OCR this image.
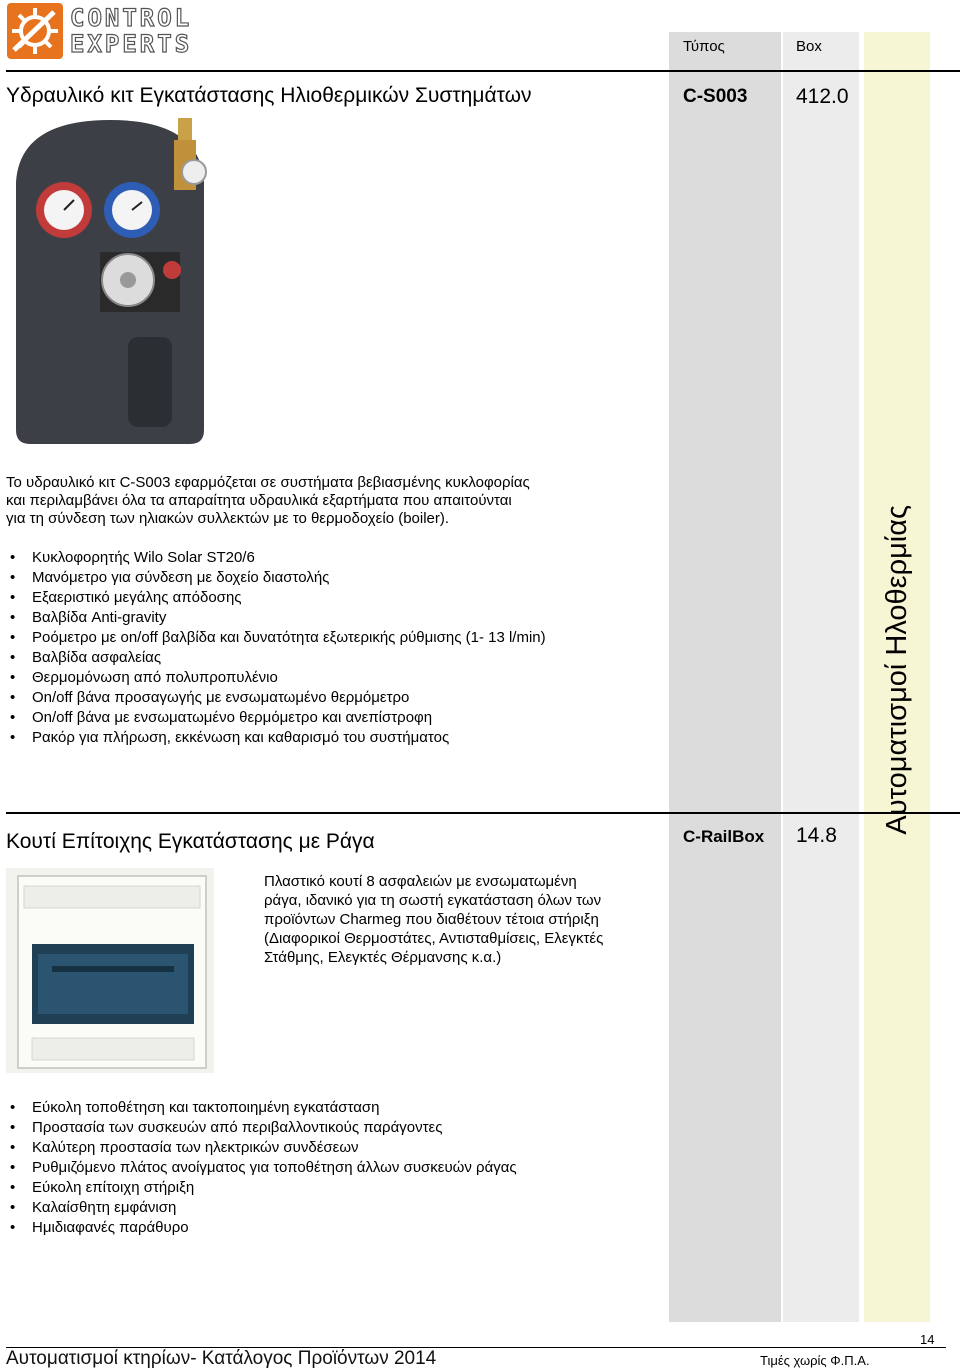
CONTROL
EXPERTS	Τύπος	Box
Υδραυλικό κιτ Εγκατάστασης Ηλιοθερμικών Συστημάτων	C-S003 412.0
Το υδραυλικό κιτ C-S003 εφαρμόζεται σε συστήματα βεβιασμένης κυκλοφορίας
και περιλαμβάνει όλα τα απαραίτητα υδραυλικά εξαρτήματα που απαιτούνται
για τη σύνδεση των ηλιακών συλλεκτών με το θερμοδοχείο (boiler).
• Κυκλοφορητής Wilo Solar ST20/6
• Μανόμετρο για σύνδεση με δοχείο διαστολής
• Εξαεριστικό μεγάλης απόδοσης
• Βαλβίδα Anti-gravity
• Ροόμετρο με on/off βαλβίδα και δυνατότητα εξωτερικής ρύθμισης (1- 13 l/min)
• Βαλβίδα ασφαλείας
• Θερμομόνωση από πολυπροπυλένιο
• On/off βάνα προσαγωγής με ενσωματωμένο θερμόμετρο
• On/off βάνα με ενσωματωμένο θερμόμετρο και ανεπίστροφη
• Ρακόρ για πλήρωση, εκκένωση και καθαρισμό του συστήματος
Κουτί Επίτοιχης Εγκατάστασης με Ράγα	C-RailBox 14.8
Πλαστικό κουτί 8 ασφαλειών με ενσωματωμένη
ράγα, ιδανικό για τη σωστή εγκατάσταση όλων των
προϊόντων Charmeg που διαθέτουν τέτοια στήριξη
(Διαφορικοί Θερμοστάτες, Αντισταθμίσεις, Ελεγκτές
Στάθμης, Ελεγκτές Θέρμανσης κ.α.)
• Εύκολη τοποθέτηση και τακτοποιημένη εγκατάσταση
• Προστασία των συσκευών από περιβαλλοντικούς παράγοντες
• Καλύτερη προστασία των ηλεκτρικών συνδέσεων
• Ρυθμιζόμενο πλάτος ανοίγματος για τοποθέτηση άλλων συσκευών ράγας
• Εύκολη επίτοιχη στήριξη
• Καλαίσθητη εμφάνιση
• Ημιδιαφανές παράθυρο
Αυτοματισμοί Ηλοθερμίας
14
Αυτοματισμοί κτηρίων- Κατάλογος Προϊόντων 2014	Τιμές χωρίς Φ.Π.Α.
